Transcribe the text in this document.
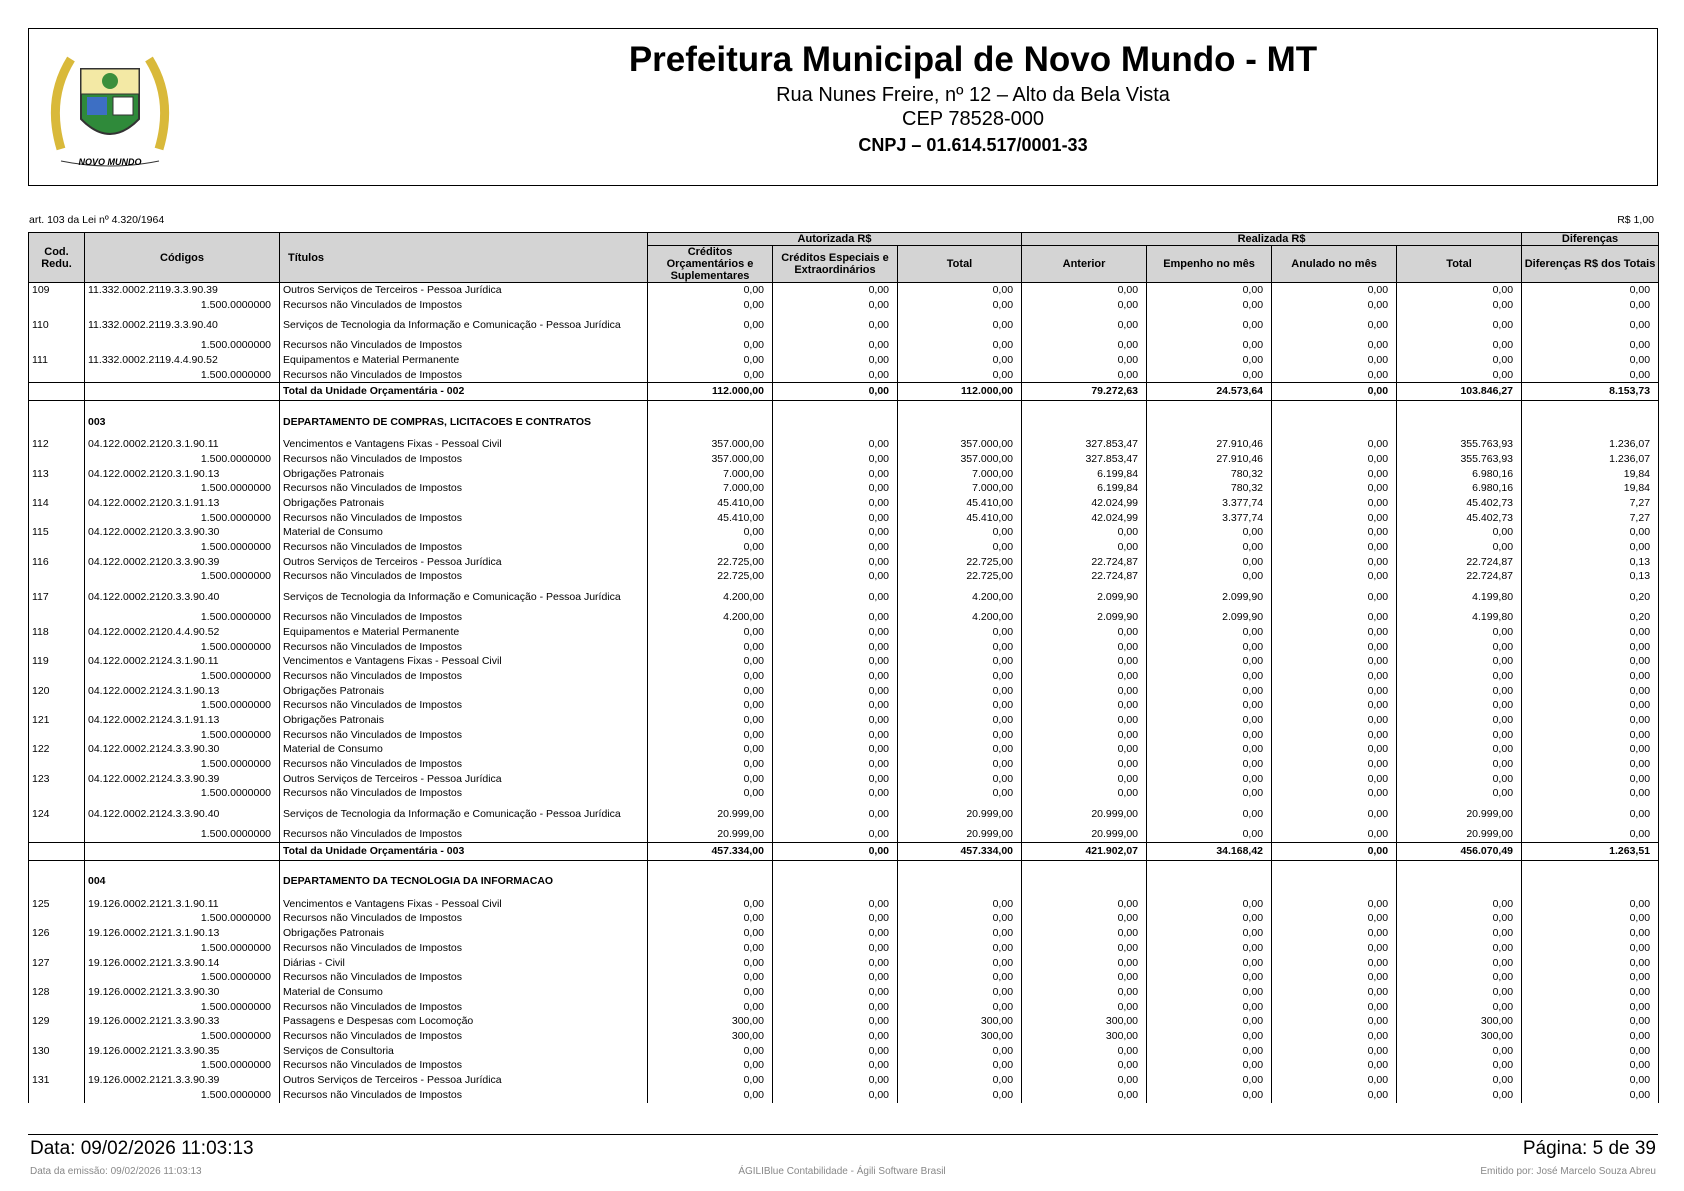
NOVO MUNDO
Prefeitura Municipal de Novo Mundo - MT
Rua Nunes Freire, nº 12 – Alto da Bela Vista
CEP 78528-000
CNPJ – 01.614.517/0001-33
art. 103 da Lei nº 4.320/1964	R$ 1,00
Cod. Redu.	Códigos	Títulos	Autorizada R$			Realizada R$				Diferenças
			Créditos Orçamentários e Suplementares	Créditos Especiais e Extraordinários	Total	Anterior	Empenho no mês	Anulado no mês	Total	Diferenças R$ dos Totais
109	11.332.0002.2119.3.3.90.39	Outros Serviços de Terceiros - Pessoa Jurídica	0,00	0,00	0,00	0,00	0,00	0,00	0,00	0,00
	1.500.0000000	Recursos não Vinculados de Impostos	0,00	0,00	0,00	0,00	0,00	0,00	0,00	0,00
110	11.332.0002.2119.3.3.90.40	Serviços de Tecnologia da Informação e Comunicação - Pessoa Jurídica	0,00	0,00	0,00	0,00	0,00	0,00	0,00	0,00
	1.500.0000000	Recursos não Vinculados de Impostos	0,00	0,00	0,00	0,00	0,00	0,00	0,00	0,00
111	11.332.0002.2119.4.4.90.52	Equipamentos e Material Permanente	0,00	0,00	0,00	0,00	0,00	0,00	0,00	0,00
	1.500.0000000	Recursos não Vinculados de Impostos	0,00	0,00	0,00	0,00	0,00	0,00	0,00	0,00
		Total da Unidade Orçamentária - 002	112.000,00	0,00	112.000,00	79.272,63	24.573,64	0,00	103.846,27	8.153,73
	003	DEPARTAMENTO DE COMPRAS, LICITACOES E CONTRATOS								
112	04.122.0002.2120.3.1.90.11	Vencimentos e Vantagens Fixas - Pessoal Civil	357.000,00	0,00	357.000,00	327.853,47	27.910,46	0,00	355.763,93	1.236,07
	1.500.0000000	Recursos não Vinculados de Impostos	357.000,00	0,00	357.000,00	327.853,47	27.910,46	0,00	355.763,93	1.236,07
113	04.122.0002.2120.3.1.90.13	Obrigações Patronais	7.000,00	0,00	7.000,00	6.199,84	780,32	0,00	6.980,16	19,84
	1.500.0000000	Recursos não Vinculados de Impostos	7.000,00	0,00	7.000,00	6.199,84	780,32	0,00	6.980,16	19,84
114	04.122.0002.2120.3.1.91.13	Obrigações Patronais	45.410,00	0,00	45.410,00	42.024,99	3.377,74	0,00	45.402,73	7,27
	1.500.0000000	Recursos não Vinculados de Impostos	45.410,00	0,00	45.410,00	42.024,99	3.377,74	0,00	45.402,73	7,27
115	04.122.0002.2120.3.3.90.30	Material de Consumo	0,00	0,00	0,00	0,00	0,00	0,00	0,00	0,00
	1.500.0000000	Recursos não Vinculados de Impostos	0,00	0,00	0,00	0,00	0,00	0,00	0,00	0,00
116	04.122.0002.2120.3.3.90.39	Outros Serviços de Terceiros - Pessoa Jurídica	22.725,00	0,00	22.725,00	22.724,87	0,00	0,00	22.724,87	0,13
	1.500.0000000	Recursos não Vinculados de Impostos	22.725,00	0,00	22.725,00	22.724,87	0,00	0,00	22.724,87	0,13
117	04.122.0002.2120.3.3.90.40	Serviços de Tecnologia da Informação e Comunicação - Pessoa Jurídica	4.200,00	0,00	4.200,00	2.099,90	2.099,90	0,00	4.199,80	0,20
	1.500.0000000	Recursos não Vinculados de Impostos	4.200,00	0,00	4.200,00	2.099,90	2.099,90	0,00	4.199,80	0,20
118	04.122.0002.2120.4.4.90.52	Equipamentos e Material Permanente	0,00	0,00	0,00	0,00	0,00	0,00	0,00	0,00
	1.500.0000000	Recursos não Vinculados de Impostos	0,00	0,00	0,00	0,00	0,00	0,00	0,00	0,00
119	04.122.0002.2124.3.1.90.11	Vencimentos e Vantagens Fixas - Pessoal Civil	0,00	0,00	0,00	0,00	0,00	0,00	0,00	0,00
	1.500.0000000	Recursos não Vinculados de Impostos	0,00	0,00	0,00	0,00	0,00	0,00	0,00	0,00
120	04.122.0002.2124.3.1.90.13	Obrigações Patronais	0,00	0,00	0,00	0,00	0,00	0,00	0,00	0,00
	1.500.0000000	Recursos não Vinculados de Impostos	0,00	0,00	0,00	0,00	0,00	0,00	0,00	0,00
121	04.122.0002.2124.3.1.91.13	Obrigações Patronais	0,00	0,00	0,00	0,00	0,00	0,00	0,00	0,00
	1.500.0000000	Recursos não Vinculados de Impostos	0,00	0,00	0,00	0,00	0,00	0,00	0,00	0,00
122	04.122.0002.2124.3.3.90.30	Material de Consumo	0,00	0,00	0,00	0,00	0,00	0,00	0,00	0,00
	1.500.0000000	Recursos não Vinculados de Impostos	0,00	0,00	0,00	0,00	0,00	0,00	0,00	0,00
123	04.122.0002.2124.3.3.90.39	Outros Serviços de Terceiros - Pessoa Jurídica	0,00	0,00	0,00	0,00	0,00	0,00	0,00	0,00
	1.500.0000000	Recursos não Vinculados de Impostos	0,00	0,00	0,00	0,00	0,00	0,00	0,00	0,00
124	04.122.0002.2124.3.3.90.40	Serviços de Tecnologia da Informação e Comunicação - Pessoa Jurídica	20.999,00	0,00	20.999,00	20.999,00	0,00	0,00	20.999,00	0,00
	1.500.0000000	Recursos não Vinculados de Impostos	20.999,00	0,00	20.999,00	20.999,00	0,00	0,00	20.999,00	0,00
		Total da Unidade Orçamentária - 003	457.334,00	0,00	457.334,00	421.902,07	34.168,42	0,00	456.070,49	1.263,51
	004	DEPARTAMENTO DA TECNOLOGIA DA INFORMACAO								
125	19.126.0002.2121.3.1.90.11	Vencimentos e Vantagens Fixas - Pessoal Civil	0,00	0,00	0,00	0,00	0,00	0,00	0,00	0,00
	1.500.0000000	Recursos não Vinculados de Impostos	0,00	0,00	0,00	0,00	0,00	0,00	0,00	0,00
126	19.126.0002.2121.3.1.90.13	Obrigações Patronais	0,00	0,00	0,00	0,00	0,00	0,00	0,00	0,00
	1.500.0000000	Recursos não Vinculados de Impostos	0,00	0,00	0,00	0,00	0,00	0,00	0,00	0,00
127	19.126.0002.2121.3.3.90.14	Diárias - Civil	0,00	0,00	0,00	0,00	0,00	0,00	0,00	0,00
	1.500.0000000	Recursos não Vinculados de Impostos	0,00	0,00	0,00	0,00	0,00	0,00	0,00	0,00
128	19.126.0002.2121.3.3.90.30	Material de Consumo	0,00	0,00	0,00	0,00	0,00	0,00	0,00	0,00
	1.500.0000000	Recursos não Vinculados de Impostos	0,00	0,00	0,00	0,00	0,00	0,00	0,00	0,00
129	19.126.0002.2121.3.3.90.33	Passagens e Despesas com Locomoção	300,00	0,00	300,00	300,00	0,00	0,00	300,00	0,00
	1.500.0000000	Recursos não Vinculados de Impostos	300,00	0,00	300,00	300,00	0,00	0,00	300,00	0,00
130	19.126.0002.2121.3.3.90.35	Serviços de Consultoria	0,00	0,00	0,00	0,00	0,00	0,00	0,00	0,00
	1.500.0000000	Recursos não Vinculados de Impostos	0,00	0,00	0,00	0,00	0,00	0,00	0,00	0,00
131	19.126.0002.2121.3.3.90.39	Outros Serviços de Terceiros - Pessoa Jurídica	0,00	0,00	0,00	0,00	0,00	0,00	0,00	0,00
	1.500.0000000	Recursos não Vinculados de Impostos	0,00	0,00	0,00	0,00	0,00	0,00	0,00	0,00
Data: 09/02/2026 11:03:13	Página: 5 de 39
Data da emissão: 09/02/2026 11:03:13	ÁGILIBlue Contabilidade - Ágili Software Brasil	Emitido por: José Marcelo Souza Abreu
